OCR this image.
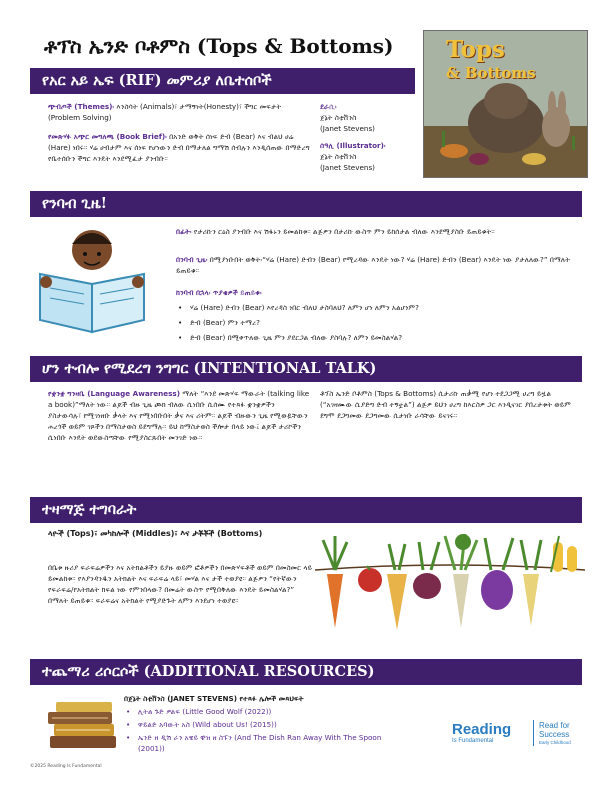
ቶፕስ ኤንድ ቦቶምስ (Tops & Bottoms) Tops
& Bottoms
የአር አይ ኤፍ (RIF) መምሪያ ለቤተሰቦች
ጭብጦች (Themes)፡ እንስሳት (Animals)፣ ታማኝነት(Honesty)፣ ችግር መፍታት (Problem Solving)
የመጽሃፉ አጭር መግለጫ (Book Brief)፡ በአንድ ወቅት ሰነፍ ድብ (Bear) እና ብልህ ሀሬ (Hare) ነበሩ። ሃሬ ሀብታም እና ሰነፍ የሆነውን ድብ በማታለል ግማሽ ሰብሉን እንዲሰጠው በማድረግ የቤተሰቡን ችግር እንዴት እንደሚፈታ ያንብቡ።
ደራሲ፡
ጀኔት ስቲቨንስ
(Janet Stevens)
ሰዓሊ (Illustrator)፡
ጀኔት ስቲቨንስ
(Janet Stevens)
የንባብ ጊዜ!
በፊት፡ የታሪኩን ርዕስ ያንብቡ እና ሽፋኑን ይመልከቱ። ልጅዎን በታሪኩ ውስጥ ምን ይከሰታል ብለው እንደሚያስቡ ይጠይቁት።
በንባብ ጊዜ፡ በሚያነቡበት ወቅት፡“ሃሬ (Hare) ድብን (Bear) የሚረዳው እንዴት ነው? ሃሬ (Hare) ድብን (Bear) እንዴት ነው ያታለለው?” በማለት ይጠይቁ።
ከንባብ በኋላ፡ ጥያቄዎች ይጠይቁ፡
• ሃሬ (Hare) ድብን (Bear) እየረዳስ ነበር ብለህ ታስባለህ? ለምን ሆነ ለምን አልሆነም?
• ድብ (Bear) ምን ተማረ?
• ድብ (Bear) በሚቀጥለው ጊዜ ምን ያደርጋል ብለው ያስባሉ? ለምን ይመስልሃል?
ሆን ተብሎ የሚደረግ ንግግር (INTENTIONAL TALK)
የቋንቋ ግንዛቤ (Language Awareness) ማለት “እንደ መጽሃፍ ማውራት (talking like a book)”ማለት ነው። ልጆች ብዙ ጊዜ ጮክ ብለው ሲነበቡ ሲሰሙ የተጻፉ ቋንቋዎችን ያስታውሳሉ፣ የሚገነዘቡ ቃላት እና የሚነበቡበት ቃና እና ሪትም። ልጆች ብዙውን ጊዜ የሚወዷቸውን ሐረጎች ወይም ገጾችን በማስታወስ ይደግማሉ። ይህ ከማስታወስ ችሎታ በላይ ነው፤ ልጆች ታሪኮችን ሲነበቡ እንዴት ወደውስጣቸው የሚያስርጹበት መንገድ ነው።
ቶፕስ ኤንድ ቦቶምስ (Tops & Bottoms) ሲታሪኩ ጠቃሚ የሆነ ተደጋጋሚ ሀረግ ይዟል (“አገዛሙው ሲያድግ ድብ ተኝቷል”) ልጅዎ ይህን ሀረግ ከእርስዎ ጋር እንዲናገር ያበረታቱት ወይም ደግሞ ደጋግመው ደጋግመው ሲታነቡ ራሳቸው ይናገሩ።
ተዛማጅ ተግባራት
ላዮች (Tops)፣ መካከሎች (Middles)፣ እና ታቾቾች (Bottoms)
በቤቱ ዙሪያ ፍራፍሬዎችን እና አትክልቶችን ይያዙ ወይም ፎቶዎችን በመጽሃፍቶች ወይም በመስመር ላይ ይመልከቱ። የእያንዳንዱን አትክልት እና ፍራፍሬ ላይ፣ መሃል እና ታች ተወያዩ። ልጅዎን “የትኛውን የፍራፍሬ/የአትክልት ክፍል ነው የምንበላው? በመሬት ውስጥ የሚበቅለው እንዴት ይመስልሃል?” በማለት ይጠይቁ። ፍራፍሬና አትክልት የሚያድጉት ለምን እንደሆነ ተወያዩ።
ተጨማሪ ሪሶርሶች (ADDITIONAL RESOURCES)
በጀኔት ስቲቨንስ (JANET STEVENS) የተጻፉ ሌሎች መጻህፍት
• ሊትል ጉድ ዎልፍ (Little Good Wolf (2022))
• ዋይልድ አባውት አስ (Wild about Us! (2015))
• ኤንድ ዘ ዲሽ ራን አዌይ ዊዝ ዘ ስፑን (And The Dish Ran Away With The Spoon (2001))
©2025 Reading Is Fundamental
Reading
Is Fundamental
Read for
Success
Early Childhood
